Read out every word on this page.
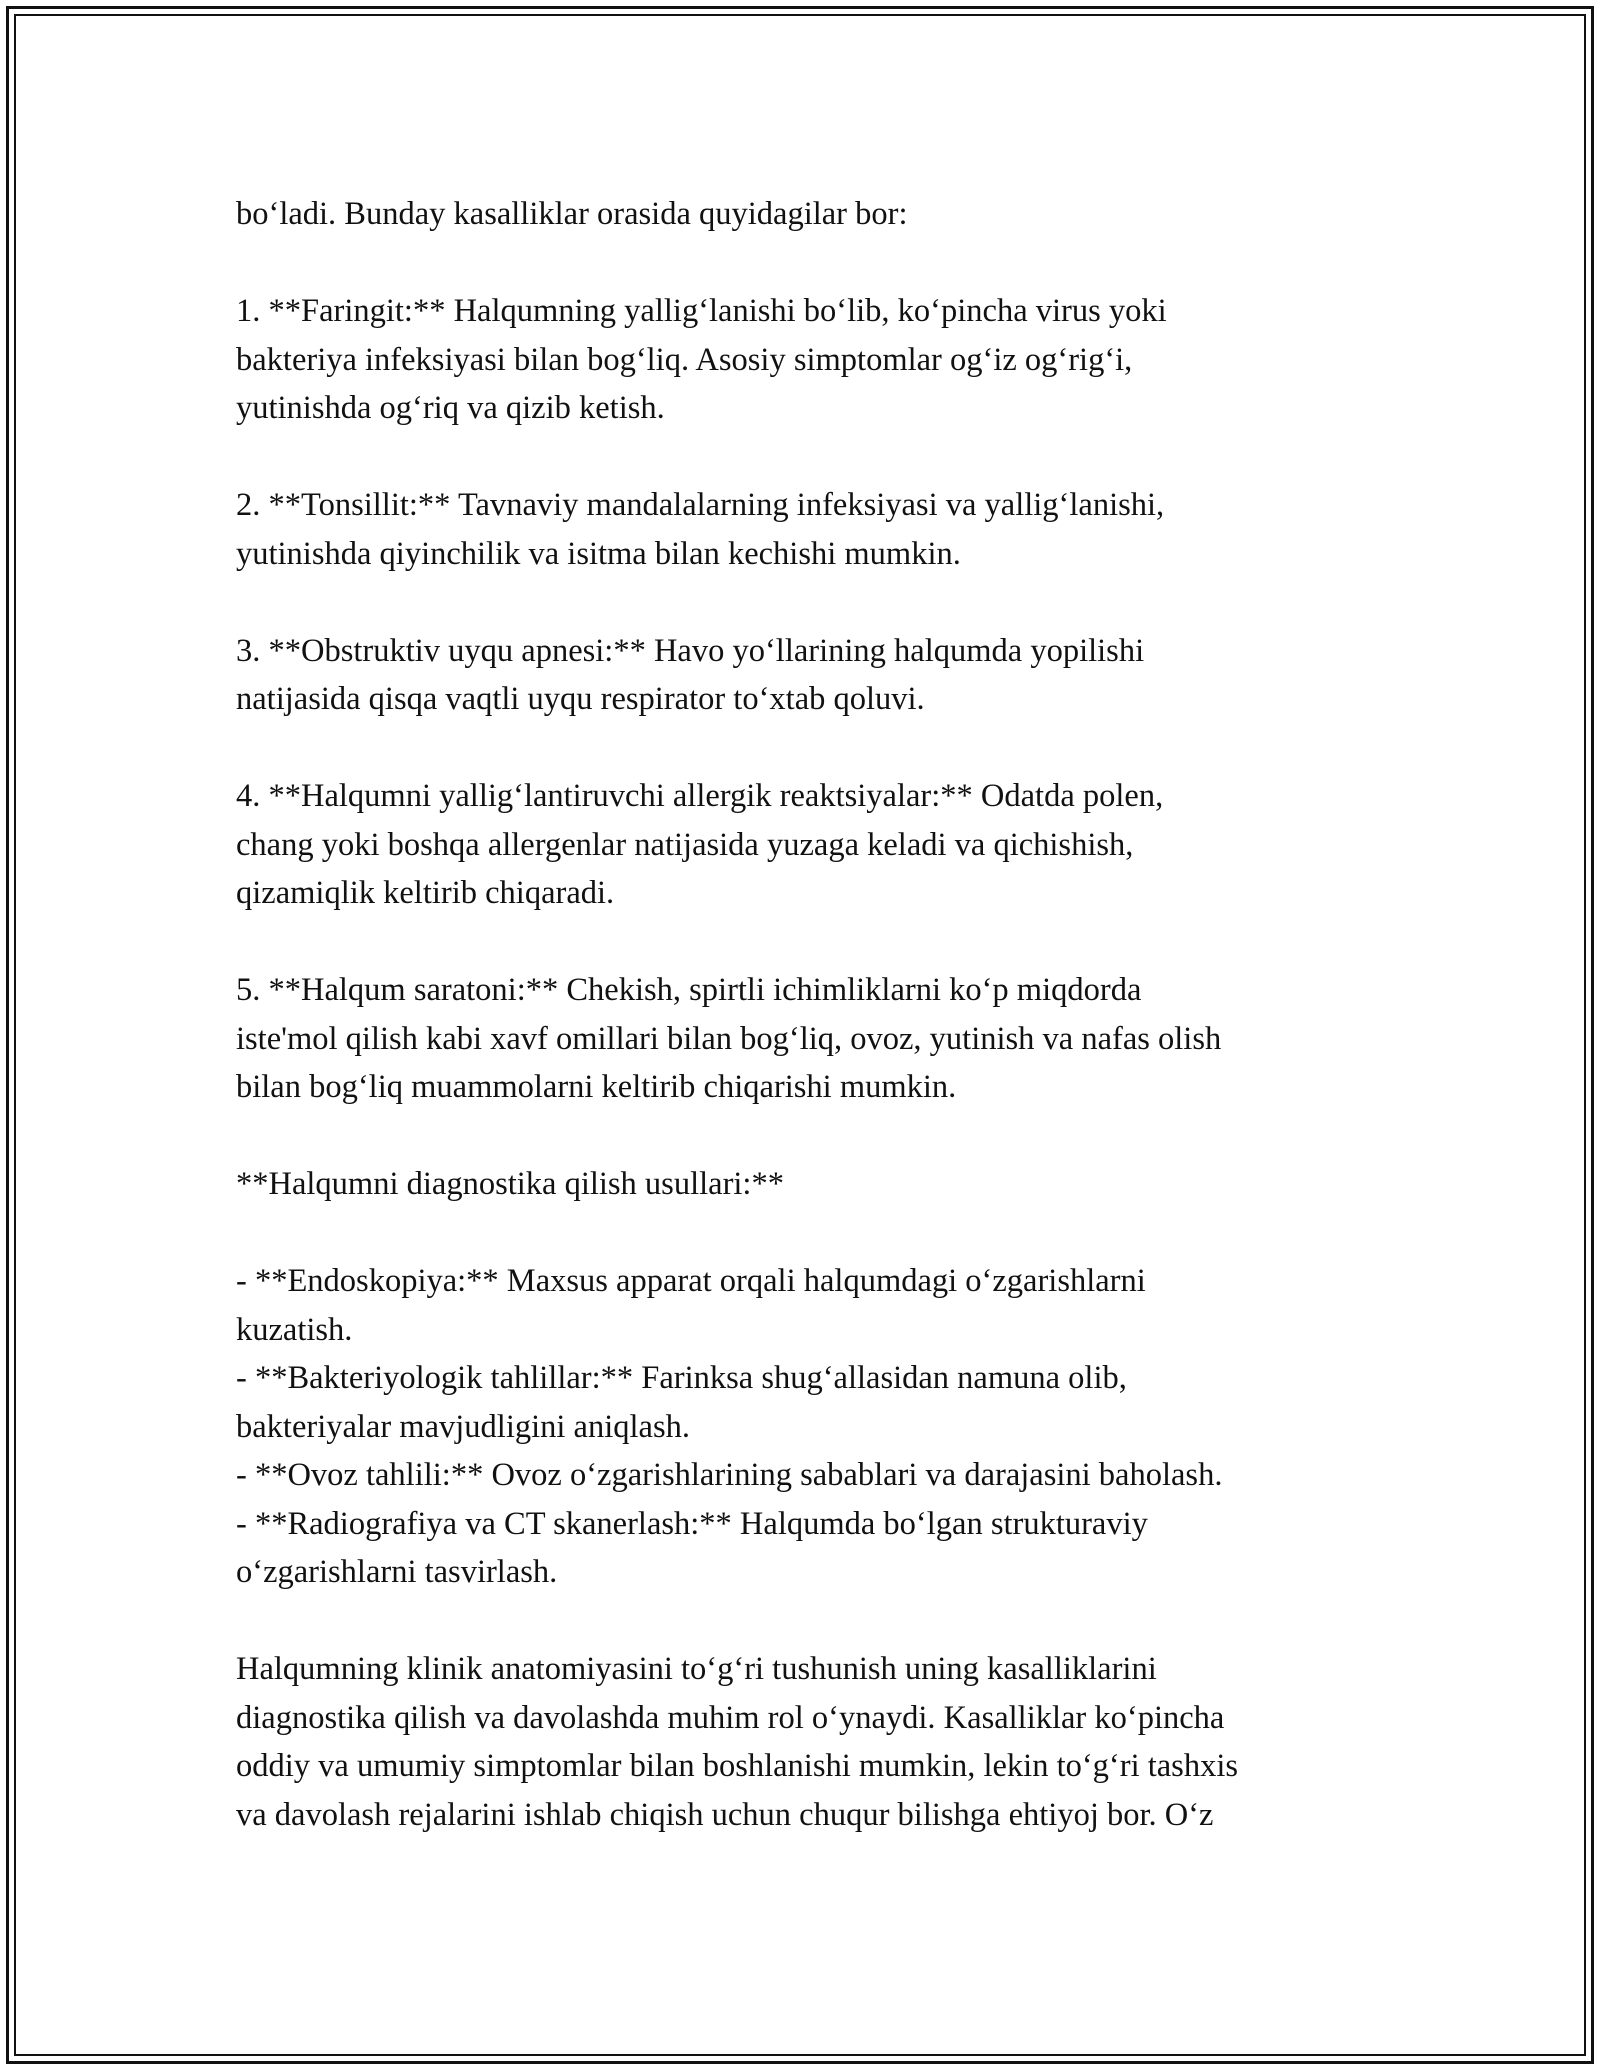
bo‘ladi. Bunday kasalliklar orasida quyidagilar bor:
1. **Faringit:** Halqumning yallig‘lanishi bo‘lib, ko‘pincha virus yoki
bakteriya infeksiyasi bilan bog‘liq. Asosiy simptomlar og‘iz og‘rig‘i,
yutinishda og‘riq va qizib ketish.
2. **Tonsillit:** Tavnaviy mandalalarning infeksiyasi va yallig‘lanishi,
yutinishda qiyinchilik va isitma bilan kechishi mumkin.
3. **Obstruktiv uyqu apnesi:** Havo yo‘llarining halqumda yopilishi
natijasida qisqa vaqtli uyqu respirator to‘xtab qoluvi.
4. **Halqumni yallig‘lantiruvchi allergik reaktsiyalar:** Odatda polen,
chang yoki boshqa allergenlar natijasida yuzaga keladi va qichishish,
qizamiqlik keltirib chiqaradi.
5. **Halqum saratoni:** Chekish, spirtli ichimliklarni ko‘p miqdorda
iste'mol qilish kabi xavf omillari bilan bog‘liq, ovoz, yutinish va nafas olish
bilan bog‘liq muammolarni keltirib chiqarishi mumkin.
**Halqumni diagnostika qilish usullari:**
- **Endoskopiya:** Maxsus apparat orqali halqumdagi o‘zgarishlarni
kuzatish.
- **Bakteriyologik tahlillar:** Farinksa shug‘allasidan namuna olib,
bakteriyalar mavjudligini aniqlash.
- **Ovoz tahlili:** Ovoz o‘zgarishlarining sabablari va darajasini baholash.
- **Radiografiya va CT skanerlash:** Halqumda bo‘lgan strukturaviy
o‘zgarishlarni tasvirlash.
Halqumning klinik anatomiyasini to‘g‘ri tushunish uning kasalliklarini
diagnostika qilish va davolashda muhim rol o‘ynaydi. Kasalliklar ko‘pincha
oddiy va umumiy simptomlar bilan boshlanishi mumkin, lekin to‘g‘ri tashxis
va davolash rejalarini ishlab chiqish uchun chuqur bilishga ehtiyoj bor. O‘z
